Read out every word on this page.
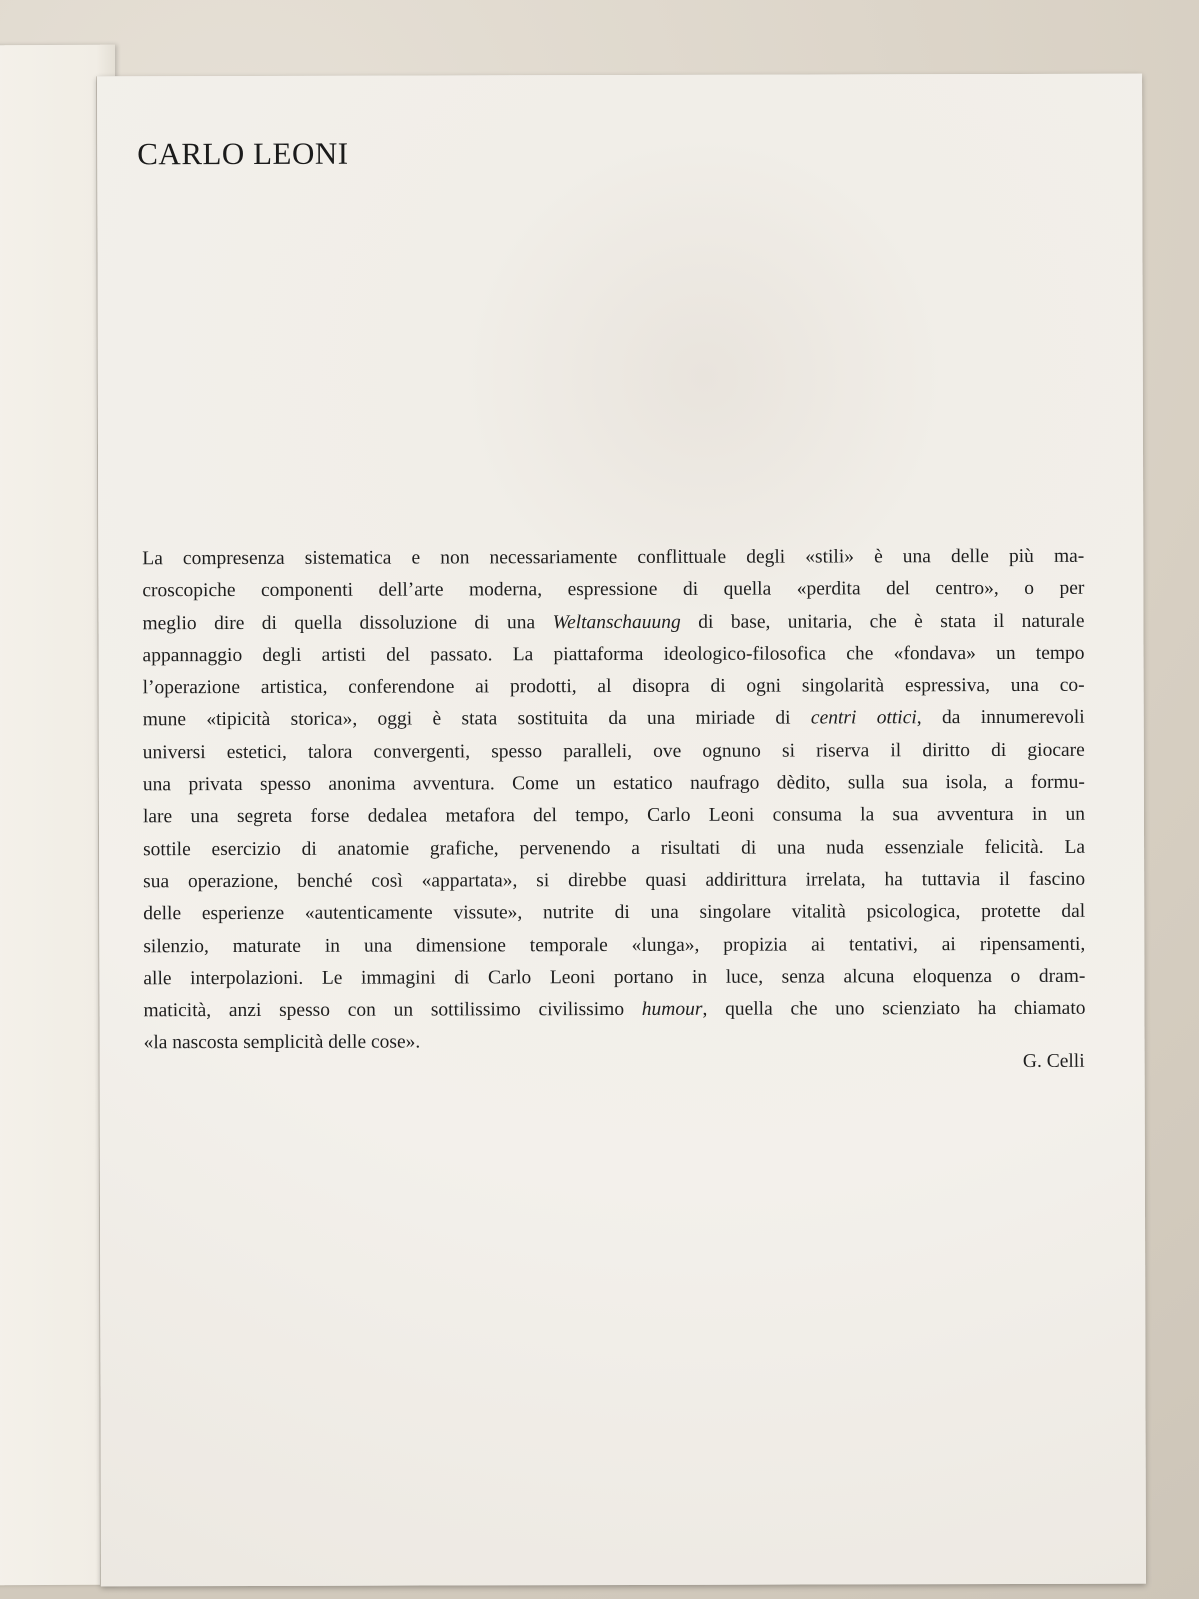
CARLO LEONI

La compresenza sistematica e non necessariamente conflittuale degli «stili» è una delle più ma-
croscopiche componenti dell’arte moderna, espressione di quella «perdita del centro», o per
meglio dire di quella dissoluzione di una Weltanschauung di base, unitaria, che è stata il naturale
appannaggio degli artisti del passato. La piattaforma ideologico-filosofica che «fondava» un tempo
l’operazione artistica, conferendone ai prodotti, al disopra di ogni singolarità espressiva, una co-
mune «tipicità storica», oggi è stata sostituita da una miriade di centri ottici, da innumerevoli
universi estetici, talora convergenti, spesso paralleli, ove ognuno si riserva il diritto di giocare
una privata spesso anonima avventura. Come un estatico naufrago dèdito, sulla sua isola, a formu-
lare una segreta forse dedalea metafora del tempo, Carlo Leoni consuma la sua avventura in un
sottile esercizio di anatomie grafiche, pervenendo a risultati di una nuda essenziale felicità. La
sua operazione, benché così «appartata», si direbbe quasi addirittura irrelata, ha tuttavia il fascino
delle esperienze «autenticamente vissute», nutrite di una singolare vitalità psicologica, protette dal
silenzio, maturate in una dimensione temporale «lunga», propizia ai tentativi, ai ripensamenti,
alle interpolazioni. Le immagini di Carlo Leoni portano in luce, senza alcuna eloquenza o dram-
maticità, anzi spesso con un sottilissimo civilissimo humour, quella che uno scienziato ha chiamato
«la nascosta semplicità delle cose».

G. Celli
